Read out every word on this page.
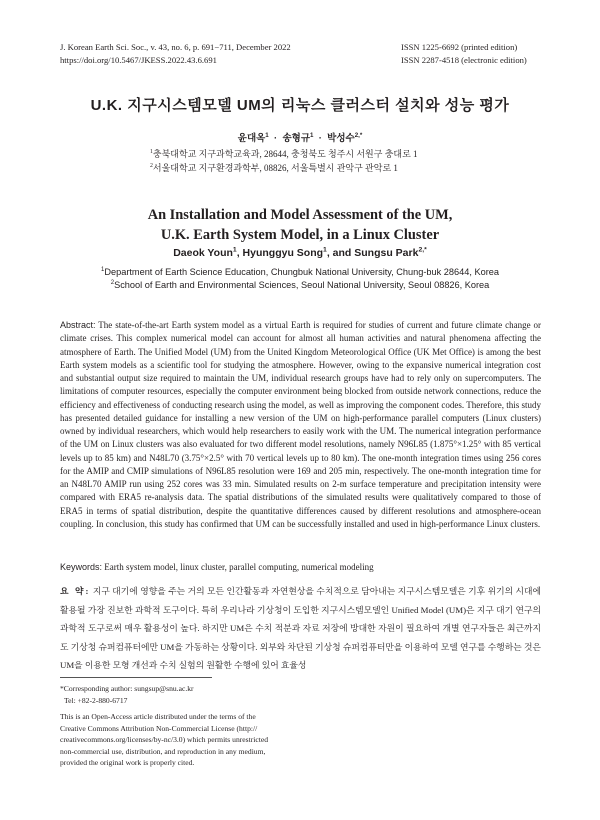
J. Korean Earth Sci. Soc., v. 43, no. 6, p. 691−711, December 2022
https://doi.org/10.5467/JKESS.2022.43.6.691
ISSN 1225-6692 (printed edition)
ISSN 2287-4518 (electronic edition)
U.K. 지구시스템모델 UM의 리눅스 클러스터 설치와 성능 평가
윤대옥$^1$ · 송형규$^1$ · 박성수$^{2,*}$
$^1$충북대학교 지구과학교육과, 28644, 충청북도 청주시 서원구 충대로 1
$^2$서울대학교 지구환경과학부, 08826, 서울특별시 관악구 관악로 1
An Installation and Model Assessment of the UM,
U.K. Earth System Model, in a Linux Cluster
Daeok Youn$^1$, Hyunggyu Song$^1$, and Sungsu Park$^{2,*}$
$^1$Department of Earth Science Education, Chungbuk National University, Chung-buk 28644, Korea
$^2$School of Earth and Environmental Sciences, Seoul National University, Seoul 08826, Korea
Abstract: The state-of-the-art Earth system model as a virtual Earth is required for studies of current and future climate change or climate crises. This complex numerical model can account for almost all human activities and natural phenomena affecting the atmosphere of Earth. The Unified Model (UM) from the United Kingdom Meteorological Office (UK Met Office) is among the best Earth system models as a scientific tool for studying the atmosphere. However, owing to the expansive numerical integration cost and substantial output size required to maintain the UM, individual research groups have had to rely only on supercomputers. The limitations of computer resources, especially the computer environment being blocked from outside network connections, reduce the efficiency and effectiveness of conducting research using the model, as well as improving the component codes. Therefore, this study has presented detailed guidance for installing a new version of the UM on high-performance parallel computers (Linux clusters) owned by individual researchers, which would help researchers to easily work with the UM. The numerical integration performance of the UM on Linux clusters was also evaluated for two different model resolutions, namely N96L85 (1.875°×1.25° with 85 vertical levels up to 85 km) and N48L70 (3.75°×2.5° with 70 vertical levels up to 80 km). The one-month integration times using 256 cores for the AMIP and CMIP simulations of N96L85 resolution were 169 and 205 min, respectively. The one-month integration time for an N48L70 AMIP run using 252 cores was 33 min. Simulated results on 2-m surface temperature and precipitation intensity were compared with ERA5 re-analysis data. The spatial distributions of the simulated results were qualitatively compared to those of ERA5 in terms of spatial distribution, despite the quantitative differences caused by different resolutions and atmosphere-ocean coupling. In conclusion, this study has confirmed that UM can be successfully installed and used in high-performance Linux clusters.
Keywords: Earth system model, linux cluster, parallel computing, numerical modeling
요 약: 지구 대기에 영향을 주는 거의 모든 인간활동과 자연현상을 수치적으로 담아내는 지구시스템모델은 기후 위기의 시대에 활용될 가장 진보한 과학적 도구이다. 특히 우리나라 기상청이 도입한 지구시스템모델인 Unified Model (UM)은 지구 대기 연구의 과학적 도구로써 매우 활용성이 높다. 하지만 UM은 수치 적분과 자료 저장에 방대한 자원이 필요하여 개별 연구자들은 최근까지도 기상청 슈퍼컴퓨터에만 UM을 가동하는 상황이다. 외부와 차단된 기상청 슈퍼컴퓨터만을 이용하여 모델 연구를 수행하는 것은 UM을 이용한 모형 개선과 수치 실험의 원활한 수행에 있어 효율성
*Corresponding author: sungsup@snu.ac.kr
Tel: +82-2-880-6717
This is an Open-Access article distributed under the terms of the
Creative Commons Attribution Non-Commercial License (http://
creativecommons.org/licenses/by-nc/3.0) which permits unrestricted
non-commercial use, distribution, and reproduction in any medium,
provided the original work is properly cited.
